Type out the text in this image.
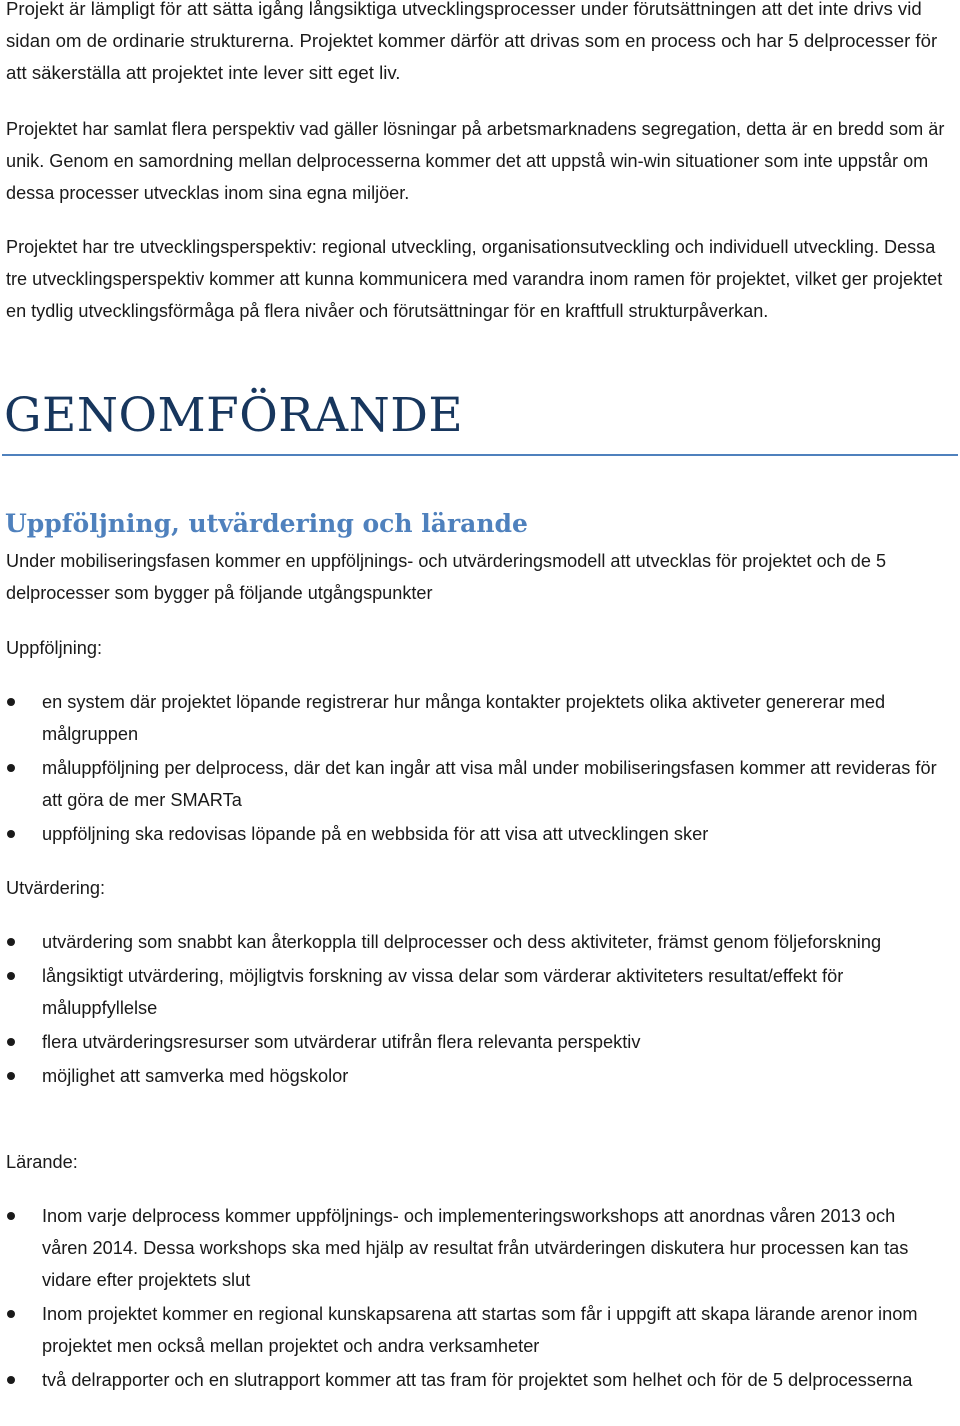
Projekt är lämpligt för att sätta igång långsiktiga utvecklingsprocesser under förutsättningen att det inte drivs vid sidan om de ordinarie strukturerna. Projektet kommer därför att drivas som en process och har 5 delprocesser för att säkerställa att projektet inte lever sitt eget liv.

Projektet har samlat flera perspektiv vad gäller lösningar på arbetsmarknadens segregation, detta är en bredd som är unik. Genom en samordning mellan delprocesserna kommer det att uppstå win-win situationer som inte uppstår om dessa processer utvecklas inom sina egna miljöer.

Projektet har tre utvecklingsperspektiv: regional utveckling, organisationsutveckling och individuell utveckling. Dessa tre utvecklingsperspektiv kommer att kunna kommunicera med varandra inom ramen för projektet, vilket ger projektet en tydlig utvecklingsförmåga på flera nivåer och förutsättningar för en kraftfull strukturpåverkan.

GENOMFÖRANDE
Uppföljning, utvärdering och lärande

Under mobiliseringsfasen kommer en uppföljnings- och utvärderingsmodell att utvecklas för projektet och de 5 delprocesser som bygger på följande utgångspunkter

Uppföljning:

en system där projektet löpande registrerar hur många kontakter projektets olika aktiveter genererar med målgruppen
måluppföljning per delprocess, där det kan ingår att visa mål under mobiliseringsfasen kommer att revideras för att göra de mer SMARTa
uppföljning ska redovisas löpande på en webbsida för att visa att utvecklingen sker

Utvärdering:

utvärdering som snabbt kan återkoppla till delprocesser och dess aktiviteter, främst genom följeforskning
långsiktigt utvärdering, möjligtvis forskning av vissa delar som värderar aktiviteters resultat/effekt för måluppfyllelse
flera utvärderingsresurser som utvärderar utifrån flera relevanta perspektiv
möjlighet att samverka med högskolor

Lärande:

Inom varje delprocess kommer uppföljnings- och implementeringsworkshops att anordnas våren 2013 och våren 2014. Dessa workshops ska med hjälp av resultat från utvärderingen diskutera hur processen kan tas vidare efter projektets slut
Inom projektet kommer en regional kunskapsarena att startas som får i uppgift att skapa lärande arenor inom projektet men också mellan projektet och andra verksamheter
två delrapporter och en slutrapport kommer att tas fram för projektet som helhet och för de 5 delprocesserna
